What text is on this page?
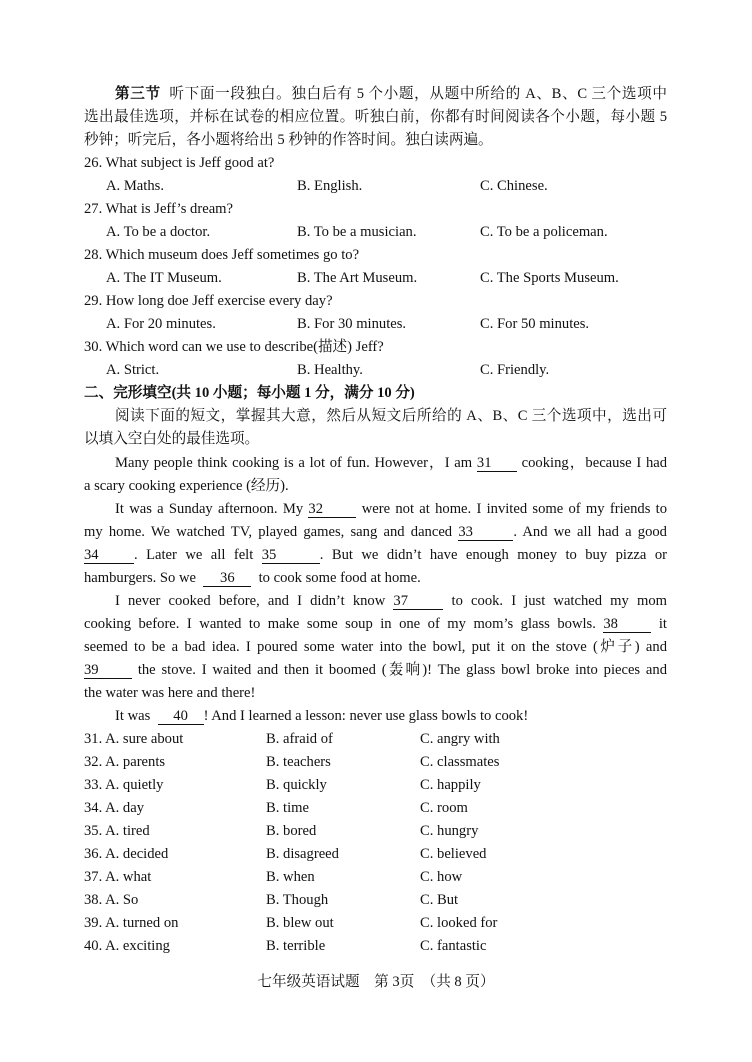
第三节 听下面一段独白。独白后有 5 个小题，从题中所给的 A、B、C 三个选项中
选出最佳选项，并标在试卷的相应位置。听独白前，你都有时间阅读各个小题，每小题 5
秒钟；听完后，各小题将给出 5 秒钟的作答时间。独白读两遍。
26. What subject is Jeff good at?
A. Maths.	B. English.	C. Chinese.
27. What is Jeff’s dream?
A. To be a doctor.	B. To be a musician.	C. To be a policeman.
28. Which museum does Jeff sometimes go to?
A. The IT Museum.	B. The Art Museum.	C. The Sports Museum.
29. How long doe Jeff exercise every day?
A. For 20 minutes.	B. For 30 minutes.	C. For 50 minutes.
30. Which word can we use to describe(描述) Jeff?
A. Strict.	B. Healthy.	C. Friendly.
二、完形填空(共 10 小题；每小题 1 分，满分 10 分)
阅读下面的短文，掌握其大意，然后从短文后所给的 A、B、C 三个选项中，选出可
以填入空白处的最佳选项。
Many people think cooking is a lot of fun. However，I am 31 cooking，because I had
a scary cooking experience (经历).
It was a Sunday afternoon. My 32	were not at home. I invited some of my friends to
my home. We watched TV, played games, sang and danced 33	. And we all had a good
34 . Later we all felt 35	. But we didn’t have enough money to buy pizza or
hamburgers. So we 36 to cook some food at home.
I never cooked before, and I didn’t know 37	to cook. I just watched my mom
cooking before. I wanted to make some soup in one of my mom’s glass bowls. 38	it
seemed to be a bad idea. I poured some water into the bowl, put it on the stove (炉子) and
39	the stove. I waited and then it boomed (轰响)! The glass bowl broke into pieces and
the water was here and there!
It was 40 ! And I learned a lesson: never use glass bowls to cook!
31. A. sure about	B. afraid of	C. angry with
32. A. parents	B. teachers	C. classmates
33. A. quietly	B. quickly	C. happily
34. A. day	B. time	C. room
35. A. tired	B. bored	C. hungry
36. A. decided	B. disagreed	C. believed
37. A. what	B. when	C. how
38. A. So	B. Though	C. But
39. A. turned on	B. blew out	C. looked for
40. A. exciting	B. terrible	C. fantastic
七年级英语试题　第 3页　（共 8 页）
